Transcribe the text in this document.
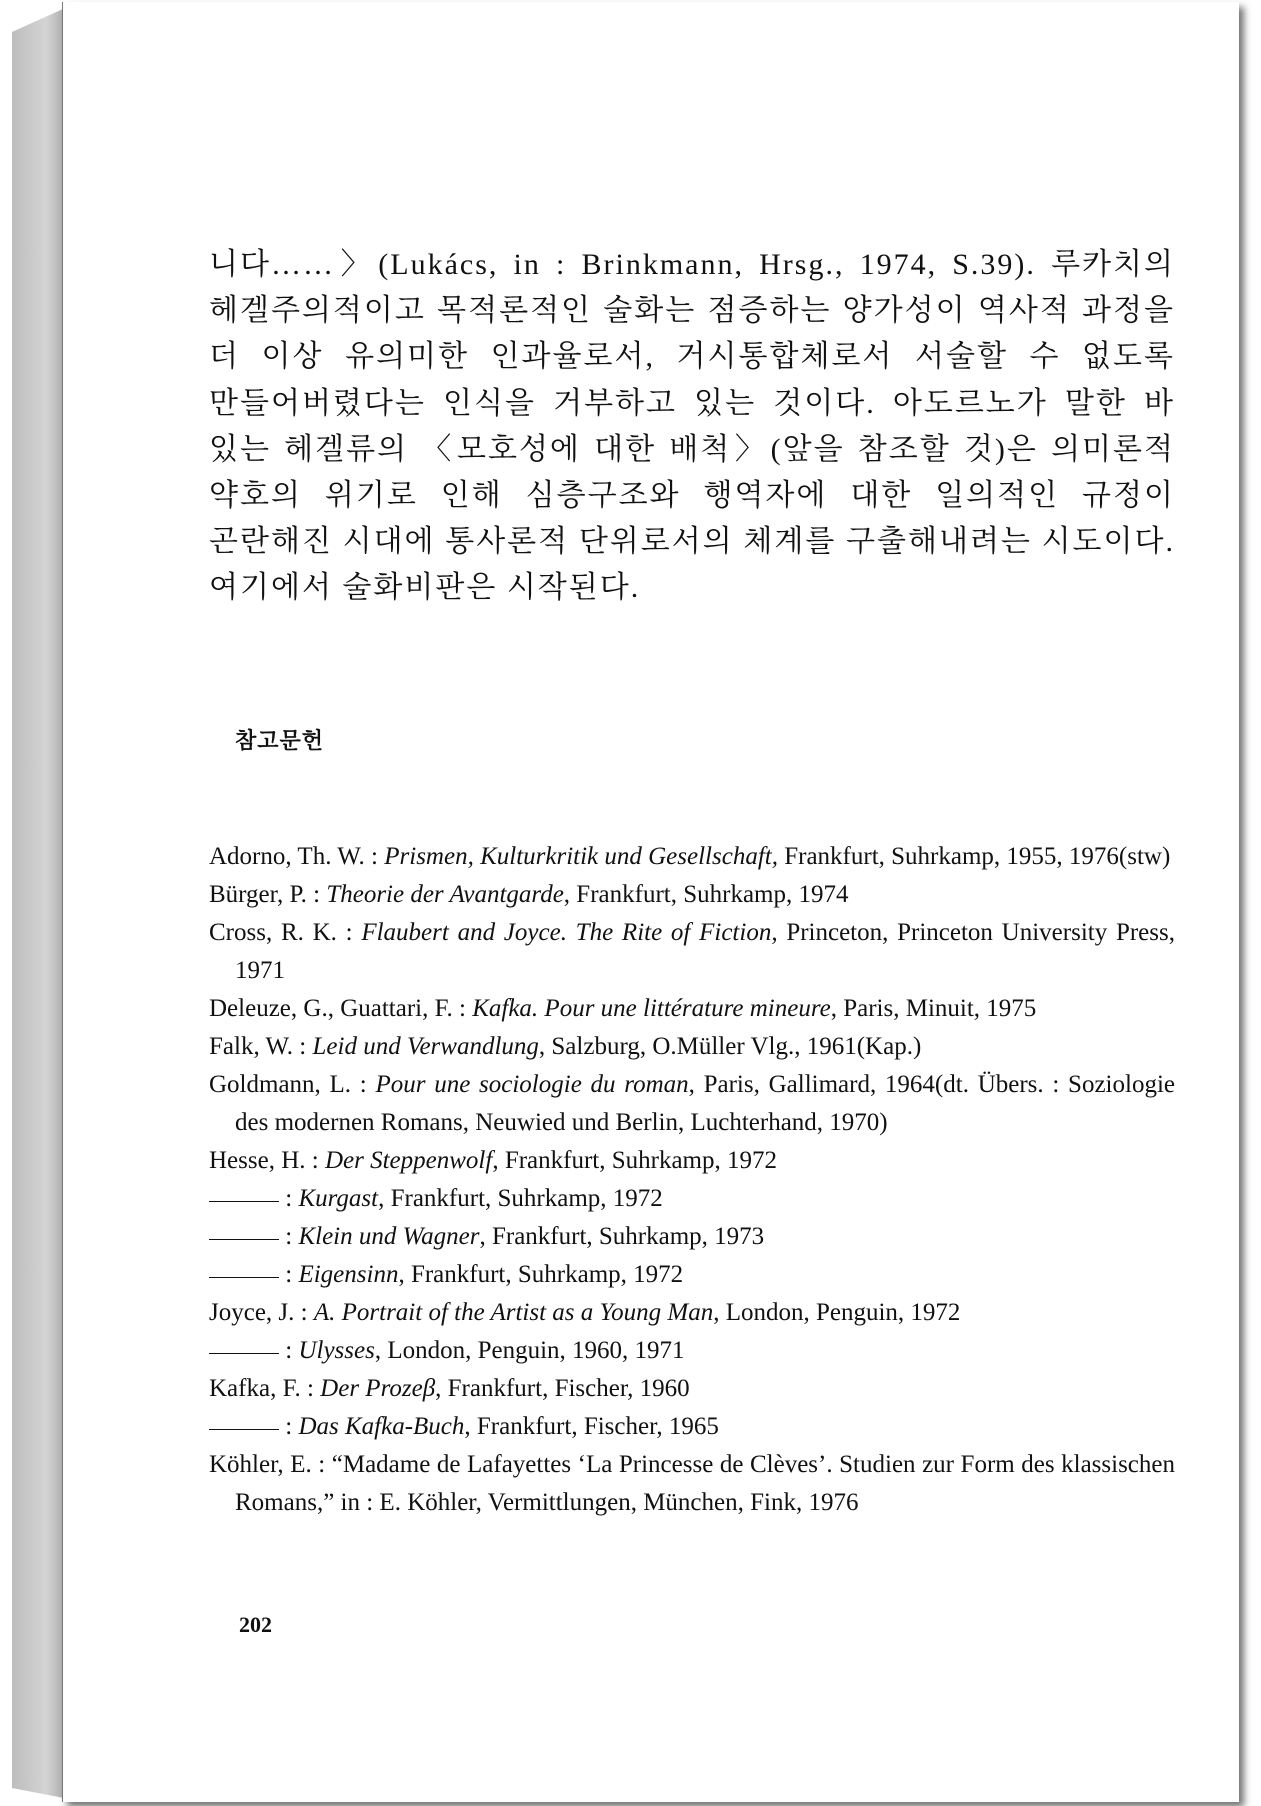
니다……〉(Lukács, in : Brinkmann, Hrsg., 1974, S.39). 루카치의 헤겔주의적이고 목적론적인 술화는 점증하는 양가성이 역사적 과정을 더 이상 유의미한 인과율로서, 거시통합체로서 서술할 수 없도록 만들어버렸다는 인식을 거부하고 있는 것이다. 아도르노가 말한 바 있는 헤겔류의 〈모호성에 대한 배척〉(앞을 참조할 것)은 의미론적 약호의 위기로 인해 심층구조와 행역자에 대한 일의적인 규정이 곤란해진 시대에 통사론적 단위로서의 체계를 구출해내려는 시도이다. 여기에서 술화비판은 시작된다.

참고문헌
Adorno, Th. W. : Prismen, Kulturkritik und Gesellschaft, Frankfurt, Suhrkamp, 1955, 1976(stw)
Bürger, P. : Theorie der Avantgarde, Frankfurt, Suhrkamp, 1974
Cross, R. K. : Flaubert and Joyce. The Rite of Fiction, Princeton, Princeton University Press, 1971
Deleuze, G., Guattari, F. : Kafka. Pour une littérature mineure, Paris, Minuit, 1975
Falk, W. : Leid und Verwandlung, Salzburg, O.Müller Vlg., 1961(Kap.)
Goldmann, L. : Pour une sociologie du roman, Paris, Gallimard, 1964(dt. Übers. : Soziologie des modernen Romans, Neuwied und Berlin, Luchterhand, 1970)
Hesse, H. : Der Steppenwolf, Frankfurt, Suhrkamp, 1972
: Kurgast, Frankfurt, Suhrkamp, 1972
: Klein und Wagner, Frankfurt, Suhrkamp, 1973
: Eigensinn, Frankfurt, Suhrkamp, 1972
Joyce, J. : A. Portrait of the Artist as a Young Man, London, Penguin, 1972
: Ulysses, London, Penguin, 1960, 1971
Kafka, F. : Der Prozeβ, Frankfurt, Fischer, 1960
: Das Kafka-Buch, Frankfurt, Fischer, 1965
Köhler, E. : “Madame de Lafayettes ‘La Princesse de Clèves’. Studien zur Form des klassischen Romans,” in : E. Köhler, Vermittlungen, München, Fink, 1976
202
